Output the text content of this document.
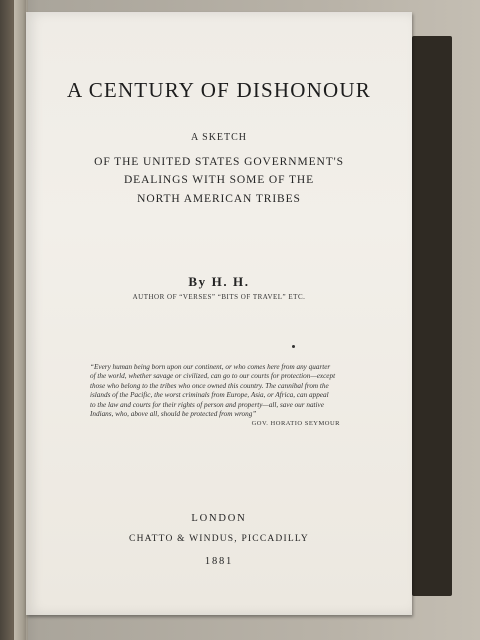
A CENTURY OF DISHONOUR
A SKETCH
OF THE UNITED STATES GOVERNMENT'S
DEALINGS WITH SOME OF THE
NORTH AMERICAN TRIBES
By H. H.
AUTHOR OF “VERSES” “BITS OF TRAVEL” ETC.
“Every human being born upon our continent, or who comes here from any quarter
of the world, whether savage or civilized, can go to our courts for protection—except
those who belong to the tribes who once owned this country. The cannibal from the
islands of the Pacific, the worst criminals from Europe, Asia, or Africa, can appeal
to the law and courts for their rights of person and property—all, save our native
Indians, who, above all, should be protected from wrong”
GOV. HORATIO SEYMOUR
LONDON
CHATTO & WINDUS, PICCADILLY
1881
